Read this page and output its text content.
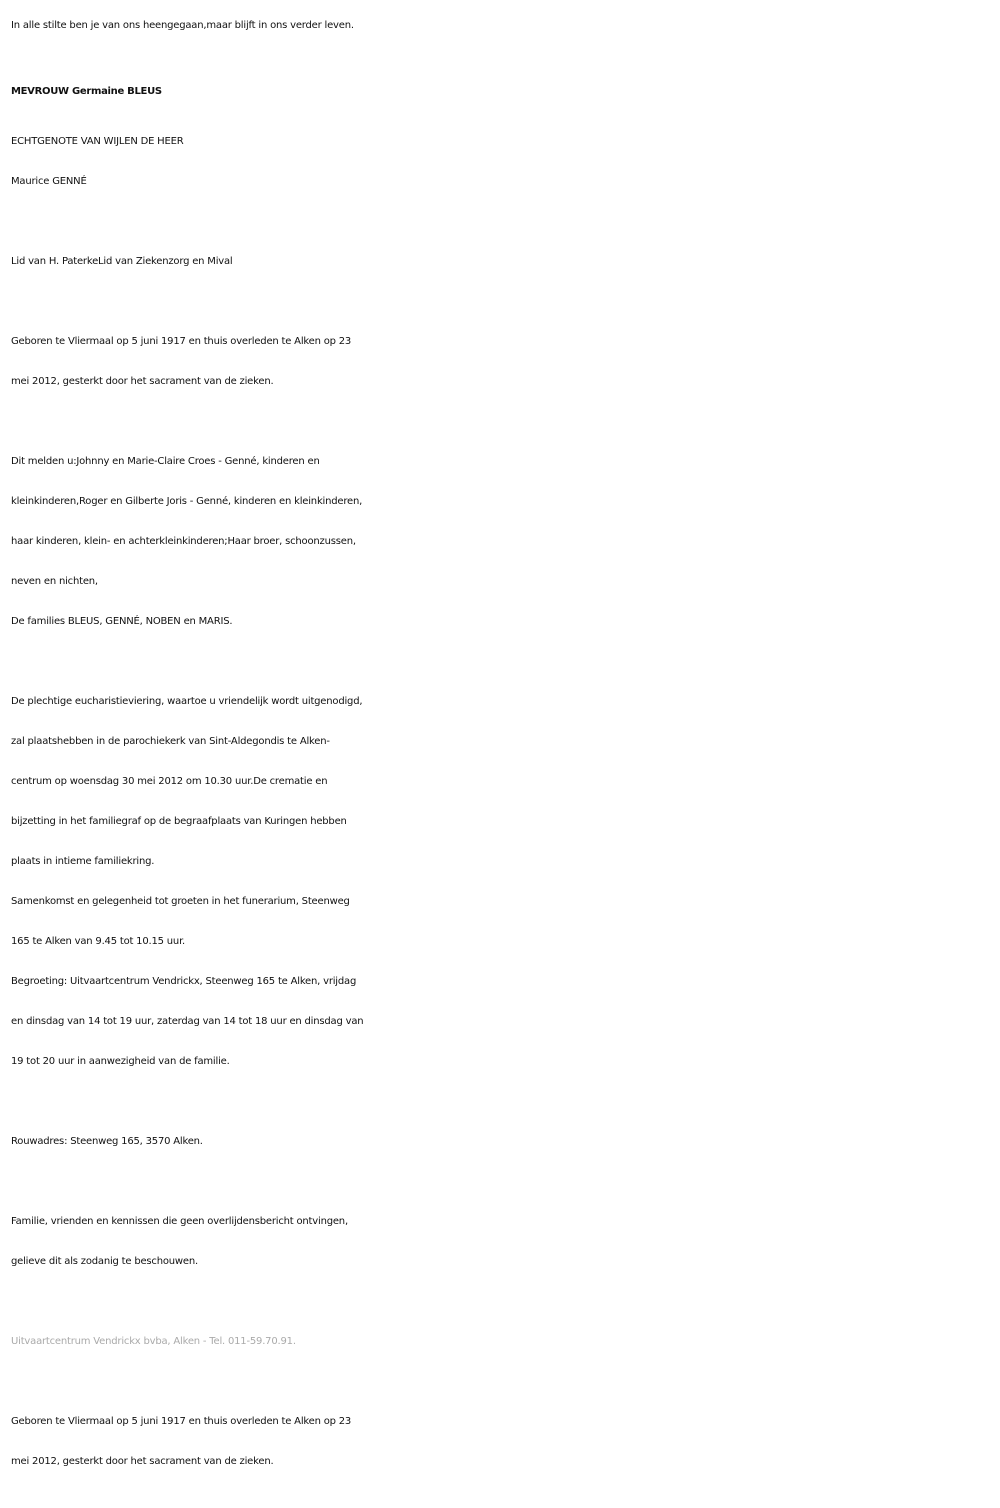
In alle stilte ben je van ons heengegaan,maar blijft in ons verder leven.
MEVROUW Germaine BLEUS
ECHTGENOTE VAN WIJLEN DE HEER
Maurice GENNÉ
Lid van H. PaterkeLid van Ziekenzorg en Mival
Geboren te Vliermaal op 5 juni 1917 en thuis overleden te Alken op 23
mei 2012, gesterkt door het sacrament van de zieken.
Dit melden u:Johnny en Marie-Claire Croes - Genné, kinderen en
kleinkinderen,Roger en Gilberte Joris - Genné, kinderen en kleinkinderen,
haar kinderen, klein- en achterkleinkinderen;Haar broer, schoonzussen,
neven en nichten,
De families BLEUS, GENNÉ, NOBEN en MARIS.
De plechtige eucharistieviering, waartoe u vriendelijk wordt uitgenodigd,
zal plaatshebben in de parochiekerk van Sint-Aldegondis te Alken-
centrum op woensdag 30 mei 2012 om 10.30 uur.De crematie en
bijzetting in het familiegraf op de begraafplaats van Kuringen hebben
plaats in intieme familiekring.
Samenkomst en gelegenheid tot groeten in het funerarium, Steenweg
165 te Alken van 9.45 tot 10.15 uur.
Begroeting: Uitvaartcentrum Vendrickx, Steenweg 165 te Alken, vrijdag
en dinsdag van 14 tot 19 uur, zaterdag van 14 tot 18 uur en dinsdag van
19 tot 20 uur in aanwezigheid van de familie.
Rouwadres: Steenweg 165, 3570 Alken.
Familie, vrienden en kennissen die geen overlijdensbericht ontvingen,
gelieve dit als zodanig te beschouwen.
Uitvaartcentrum Vendrickx bvba, Alken - Tel. 011-59.70.91.
Geboren te Vliermaal op 5 juni 1917 en thuis overleden te Alken op 23
mei 2012, gesterkt door het sacrament van de zieken.
